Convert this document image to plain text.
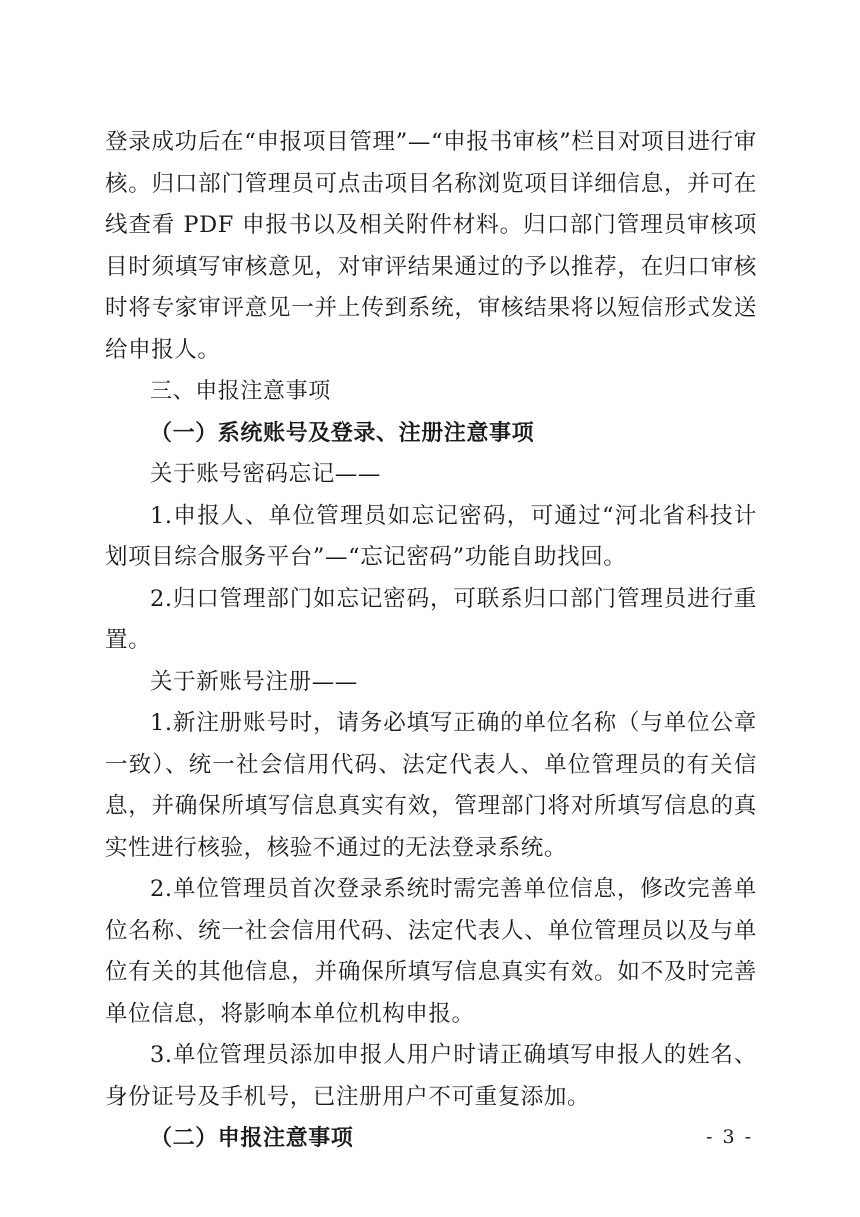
登录成功后在“申报项目管理”—“申报书审核”栏目对项目进行审核。归口部门管理员可点击项目名称浏览项目详细信息，并可在线查看 PDF 申报书以及相关附件材料。归口部门管理员审核项目时须填写审核意见，对审评结果通过的予以推荐，在归口审核时将专家审评意见一并上传到系统，审核结果将以短信形式发送给申报人。

三、申报注意事项

（一）系统账号及登录、注册注意事项

关于账号密码忘记——

1.申报人、单位管理员如忘记密码，可通过“河北省科技计划项目综合服务平台”—“忘记密码”功能自助找回。

2.归口管理部门如忘记密码，可联系归口部门管理员进行重置。

关于新账号注册——

1.新注册账号时，请务必填写正确的单位名称（与单位公章一致）、统一社会信用代码、法定代表人、单位管理员的有关信息，并确保所填写信息真实有效，管理部门将对所填写信息的真实性进行核验，核验不通过的无法登录系统。

2.单位管理员首次登录系统时需完善单位信息，修改完善单位名称、统一社会信用代码、法定代表人、单位管理员以及与单位有关的其他信息，并确保所填写信息真实有效。如不及时完善单位信息，将影响本单位机构申报。

3.单位管理员添加申报人用户时请正确填写申报人的姓名、身份证号及手机号，已注册用户不可重复添加。

（二）申报注意事项	- 3 -
